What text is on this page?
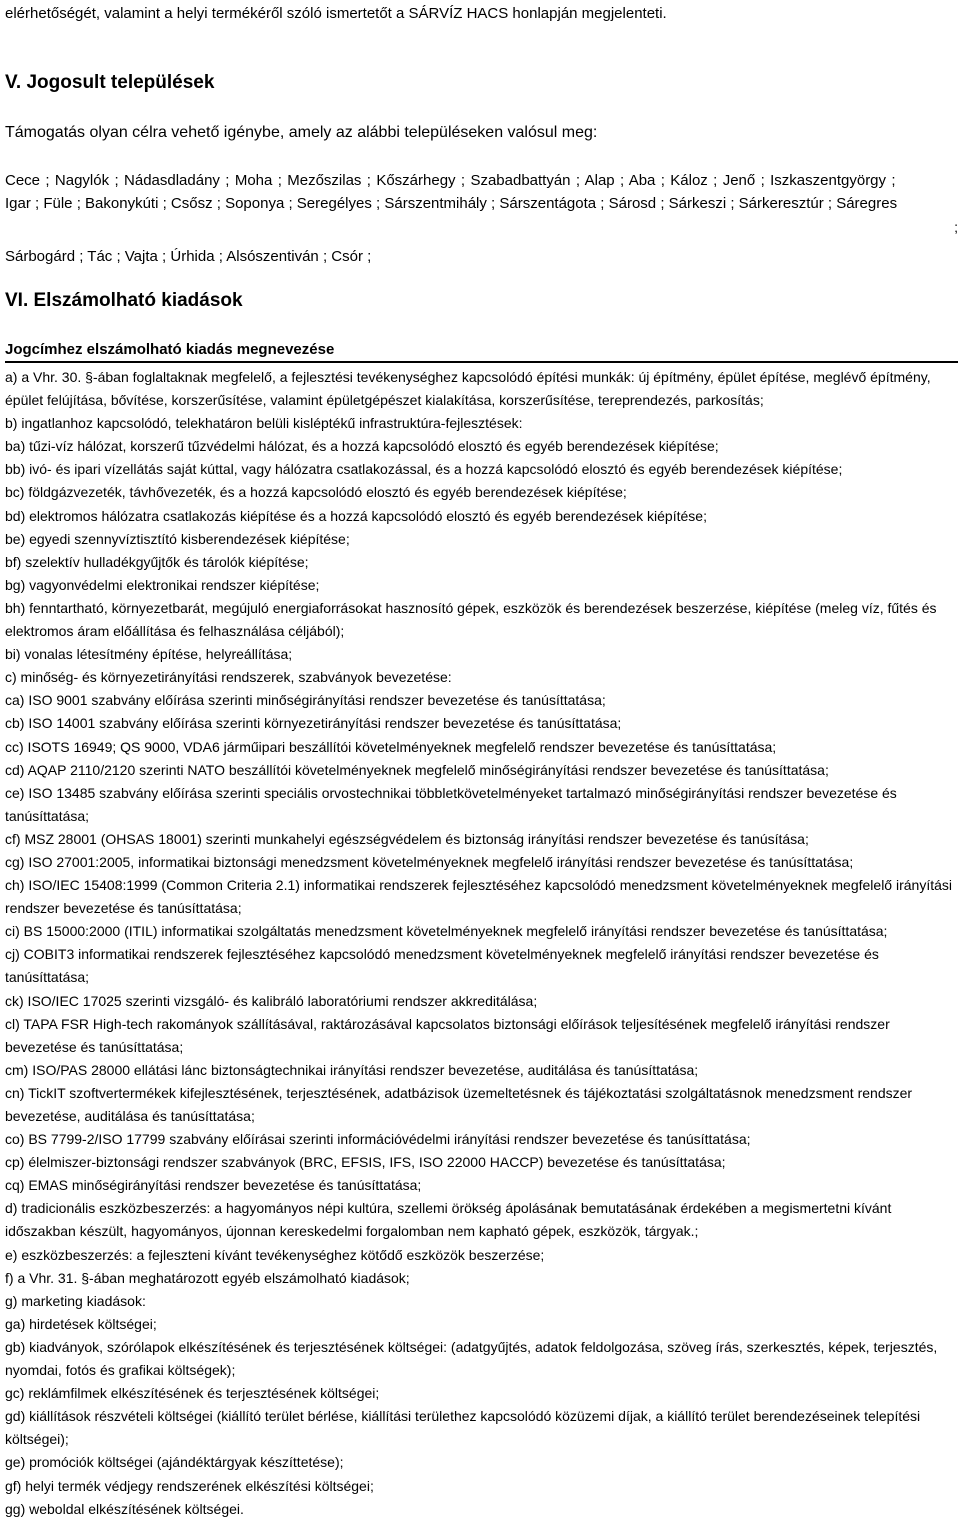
elérhetőségét, valamint a helyi termékéről szóló ismertetőt a SÁRVÍZ HACS honlapján megjelenteti.
V. Jogosult települések
Támogatás olyan célra vehető igénybe, amely az alábbi településeken valósul meg:
Cece ; Nagylók ; Nádasdladány ; Moha ; Mezőszilas ; Kőszárhegy ; Szabadbattyán ; Alap ; Aba ; Káloz ; Jenő ; Iszkaszentgyörgy ;
Igar ; Füle ; Bakonykúti ; Csősz ; Soponya ; Seregélyes ; Sárszentmihály ; Sárszentágota ; Sárosd ; Sárkeszi ; Sárkeresztúr ; Sáregres
;
Sárbogárd ; Tác ; Vajta ; Úrhida ; Alsószentiván ; Csór ;
VI. Elszámolható kiadások
Jogcímhez elszámolható kiadás megnevezése

a) a Vhr. 30. §-ában foglaltaknak megfelelő, a fejlesztési tevékenységhez kapcsolódó építési munkák: új építmény, épület építése, meglévő építmény, épület felújítása, bővítése, korszerűsítése, valamint épületgépészet kialakítása, korszerűsítése, tereprendezés, parkosítás;

b) ingatlanhoz kapcsolódó, telekhatáron belüli kisléptékű infrastruktúra-fejlesztések:

ba) tűzi-víz hálózat, korszerű tűzvédelmi hálózat, és a hozzá kapcsolódó elosztó és egyéb berendezések kiépítése;

bb) ivó- és ipari vízellátás saját kúttal, vagy hálózatra csatlakozással, és a hozzá kapcsolódó elosztó és egyéb berendezések kiépítése;

bc) földgázvezeték, távhővezeték, és a hozzá kapcsolódó elosztó és egyéb berendezések kiépítése;

bd) elektromos hálózatra csatlakozás kiépítése és a hozzá kapcsolódó elosztó és egyéb berendezések kiépítése;

be) egyedi szennyvíztisztító kisberendezések kiépítése;

bf) szelektív hulladékgyűjtők és tárolók kiépítése;

bg) vagyonvédelmi elektronikai rendszer kiépítése;

bh) fenntartható, környezetbarát, megújuló energiaforrásokat hasznosító gépek, eszközök és berendezések beszerzése, kiépítése (meleg víz, fűtés és elektromos áram előállítása és felhasználása céljából);

bi) vonalas létesítmény építése, helyreállítása;

c) minőség- és környezetirányítási rendszerek, szabványok bevezetése:

ca) ISO 9001 szabvány előírása szerinti minőségirányítási rendszer bevezetése és tanúsíttatása;

cb) ISO 14001 szabvány előírása szerinti környezetirányítási rendszer bevezetése és tanúsíttatása;

cc) ISOTS 16949; QS 9000, VDA6 járműipari beszállítói követelményeknek megfelelő rendszer bevezetése és tanúsíttatása;

cd) AQAP 2110/2120 szerinti NATO beszállítói követelményeknek megfelelő minőségirányítási rendszer bevezetése és tanúsíttatása;

ce) ISO 13485 szabvány előírása szerinti speciális orvostechnikai többletkövetelményeket tartalmazó minőségirányítási rendszer bevezetése és tanúsíttatása;

cf) MSZ 28001 (OHSAS 18001) szerinti munkahelyi egészségvédelem és biztonság irányítási rendszer bevezetése és tanúsítása;

cg) ISO 27001:2005, informatikai biztonsági menedzsment követelményeknek megfelelő irányítási rendszer bevezetése és tanúsíttatása;

ch) ISO/IEC 15408:1999 (Common Criteria 2.1) informatikai rendszerek fejlesztéséhez kapcsolódó menedzsment követelményeknek megfelelő irányítási rendszer bevezetése és tanúsíttatása;

ci) BS 15000:2000 (ITIL) informatikai szolgáltatás menedzsment követelményeknek megfelelő irányítási rendszer bevezetése és tanúsíttatása;

cj) COBIT3 informatikai rendszerek fejlesztéséhez kapcsolódó menedzsment követelményeknek megfelelő irányítási rendszer bevezetése és tanúsíttatása;

ck) ISO/IEC 17025 szerinti vizsgáló- és kalibráló laboratóriumi rendszer akkreditálása;

cl) TAPA FSR High-tech rakományok szállításával, raktározásával kapcsolatos biztonsági előírások teljesítésének megfelelő irányítási rendszer bevezetése és tanúsíttatása;

cm) ISO/PAS 28000 ellátási lánc biztonságtechnikai irányítási rendszer bevezetése, auditálása és tanúsíttatása;

cn) TickIT szoftvertermékek kifejlesztésének, terjesztésének, adatbázisok üzemeltetésnek és tájékoztatási szolgáltatásnok menedzsment rendszer bevezetése, auditálása és tanúsíttatása;

co) BS 7799-2/ISO 17799 szabvány előírásai szerinti információvédelmi irányítási rendszer bevezetése és tanúsíttatása;

cp) élelmiszer-biztonsági rendszer szabványok (BRC, EFSIS, IFS, ISO 22000 HACCP) bevezetése és tanúsíttatása;

cq) EMAS minőségirányítási rendszer bevezetése és tanúsíttatása;

d) tradicionális eszközbeszerzés: a hagyományos népi kultúra, szellemi örökség ápolásának bemutatásának érdekében a megismertetni kívánt időszakban készült, hagyományos, újonnan kereskedelmi forgalomban nem kapható gépek, eszközök, tárgyak.;

e) eszközbeszerzés: a fejleszteni kívánt tevékenységhez kötődő eszközök beszerzése;

f) a Vhr. 31. §-ában meghatározott egyéb elszámolható kiadások;

g) marketing kiadások:

ga) hirdetések költségei;

gb) kiadványok, szórólapok elkészítésének és terjesztésének költségei: (adatgyűjtés, adatok feldolgozása, szöveg írás, szerkesztés, képek, terjesztés, nyomdai, fotós és grafikai költségek);

gc) reklámfilmek elkészítésének és terjesztésének költségei;

gd) kiállítások részvételi költségei (kiállító terület bérlése, kiállítási területhez kapcsolódó közüzemi díjak, a kiállító terület berendezéseinek telepítési költségei);

ge) promóciók költségei (ajándéktárgyak készíttetése);

gf) helyi termék védjegy rendszerének elkészítési költségei;

gg) weboldal elkészítésének költségei.
